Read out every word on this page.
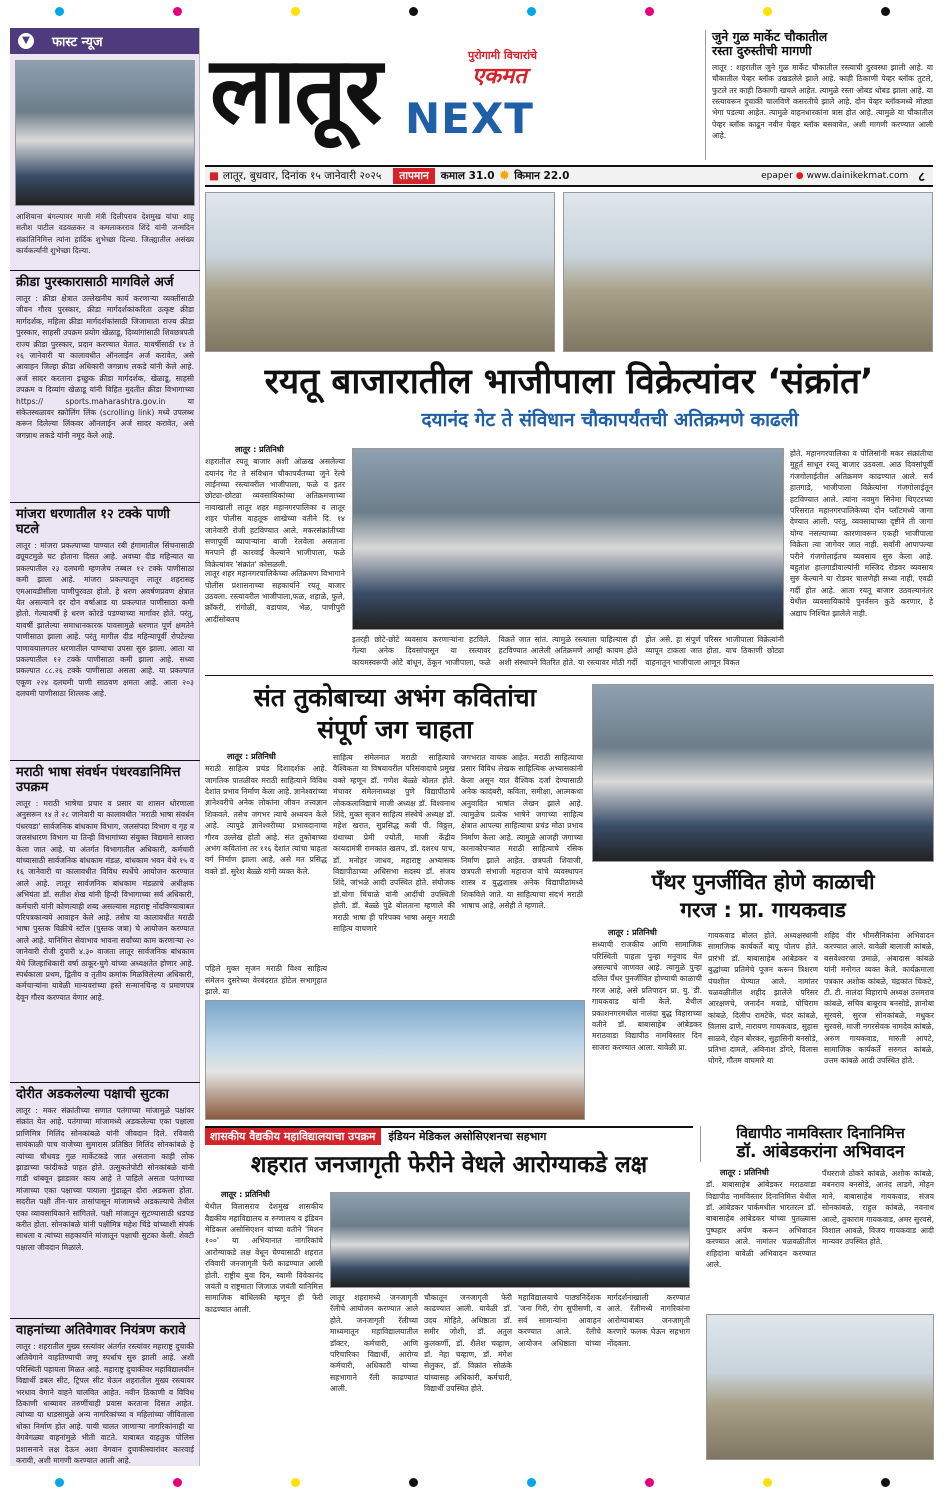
▼	फास्ट न्यूज
आशियाना बंगल्यावर माजी मंत्री दिलीपराव देशमुख यांचा शाहू सतीश पाटील वडवळकर व कमलाकरराव शिंदे यांनी जन्मदिन संक्रांतिनिमित्त त्यांना हार्दिक शुभेच्छा दिल्या. जिल्ह्यातील असंख्य कार्यकर्त्यांनी शुभेच्छा दिल्या.
क्रीडा पुरस्कारासाठी मागविले अर्ज
लातूर : क्रीडा क्षेत्रात उल्लेखनीय कार्य करणाऱ्या व्यक्तींसाठी जीवन गौरव पुरस्कार, क्रीडा मार्गदर्शकांकरिता उत्कृष्ट क्रीडा मार्गदर्शक, महिला क्रीडा मार्गदर्शकांसाठी जिजामाता राज्य क्रीडा पुरस्कार, साहसी उपक्रम प्रयोग खेळाडू, दिव्यांगांसाठी शिवछत्रपती राज्य क्रीडा पुरस्कार, प्रदान करण्यात येतात. यावर्षीसाठी १४ ते २६ जानेवारी या कालावधीत ऑनलाईन अर्ज करावेत, असे आवाहन जिल्हा क्रीडा अधिकारी जगन्नाथ लकडे यांनी केले आहे. अर्ज सादर करताना इच्छुक क्रीडा मार्गदर्शक, खेळाडू, साहसी उपक्रम व दिव्यांग खेळाडू यांनी विहित मुदतीत क्रीडा विभागाच्या https:// sports.maharashtra.gov.in या संकेतस्थळावर स्क्रोलिंग लिंक (scrolling link) मध्ये उपलब्ध करून दिलेल्या लिंकवर ऑनलाईन अर्ज सादर करावेत, असे जगन्नाथ लकडे यांनी नमूद केले आहे.
मांजरा धरणातील १२ टक्के पाणी घटले
लातूर : मांजरा प्रकल्पाच्या पाण्यात रबी हंगामातील सिंचनासाठी ढ्यूयटमुळे घट होताना दिसत आहे. अवघ्या दीड महिन्यात या प्रकल्पातील २३ दलघमी म्हणजेच तब्बल १२ टक्के पाणीसाठा कमी झाला आहे. मांजरा प्रकल्पातून लातूर शहरासह एमआयडीसीला पाणीपुरवठा होतो. हे धरण अवर्षणप्रवण क्षेत्रात येत असल्याने दर दोन वर्षाआड या प्रकल्पात पाणीसाठा कमी होतो. गेल्यावर्षी हे धरण कोरडे पडण्याच्या मार्गावर होते. परंतु, यावर्षी झालेल्या समाधानकारक पावसामुळे धरणात पूर्ण क्षमतेने पाणीसाठा झाला आहे. परंतु मागील दीड महिन्यापूर्वी रोपटेल्या पाणावयालगतर धरणातील पाण्याचा उपसा सुरु झाला. आता या प्रकल्पातील १२ टक्के पाणीसाठा कमी झाला आहे. सध्या प्रकल्पात ८८.२६ टक्के पाणीसाठा असला आहे. या प्रकल्पात एकूण २२४ दलघमी पाणी साठवण क्षमता आहे. आता २०३ दलघमी पाणीसाठा शिल्लक आहे.
मराठी भाषा संवर्धन पंधरवडानिमित्त उपक्रम
लातूर : मराठी भाषेचा प्रचार व प्रसार या शासन धोरणाला अनुसरून १४ ते २८ जानेवारी या कालावधीत 'मराठी भाषा संवर्धन पंधरवडा' सार्वजनिक बांधकाम विभाग, जलसंपदा विभाग व गृह व जलसंधारण विभाग या तिन्ही विभागांच्या संयुक्त विद्यमाने साजरा केला जात आहे. या अंतर्गत विभागातील अधिकारी, कर्मचारी यांच्यासाठी सार्वजनिक बांधकाम मंडळ, बांधकाम भवन येथे १५ व १६ जानेवारी या कालावधीत विविध स्पर्धेचे आयोजन करण्यात आले आहे. लातूर सार्वजनिक बांधकाम मंडळाचे अधीक्षक अभियंता डॉ. सतीश शेख यांनी हिन्दी विभागाच्या सर्व अधिकारी, कर्मचारी यांनी कोणत्याही शब्द असल्यास महाराष्ट्र नोंदविण्याबाबत परिपत्रकान्वये आवाहन केले आहे. तसेच या कालावधीत मराठी भाषा पुस्तक विक्रीचे स्टॉल (पुस्तक जत्रा) चे आयोजन करण्यात आले आहे. यानिमित्त सेवाभाव भावना सर्वांच्या काम करणाऱ्या २० जानेवारी रोजी दुपारी ४.३० वाजता लातूर सार्वजनिक बांधकाम येथे जिल्हाधिकारी वर्षा ठाकूर-घुगे यांच्या अध्यक्षतेत होणार आहे. स्पर्धकाला प्रथम, द्वितीय व तृतीय क्रमांक मिळविलेल्या अधिकारी, कर्मचाऱ्यांना यावेळी मान्यवरांच्या हस्ते सन्मानचिन्ह व प्रमाणपत्र देवून गौरव करण्यात येणार आहे.
दोरीत अडकलेल्या पक्षाची सुटका
लातूर : मकर संक्रांतीच्या सणात पतंगाच्या मांजामुळे पक्षांवर संक्रांत येत आहे. पतंगाच्या मांजामध्ये अडकलेल्या एका पक्षाला प्राणिमित्र मिलिंद सोनकांबळे यांनी जीवदान दिले. रविवारी सायंकाळी पाच वाजेच्या सुमारास प्रतिष्ठित मिलिंद सोनकांबळे हे त्यांच्या चौधवड गुळ मार्केटकडे जात असताना काही लोक झाडाच्या फांदीकडे पाहत होते. उत्सुकतेपोटी सोनकांबळे यांनी गाडी थांबवून झाडावर काय आहे ते पाहिले असता पतंगाच्या मांजाच्या एका पक्षाच्या पायाला गुंडाळून दोरा अडकला होता. सदरील पक्षी तीन-चार तासांपासून मांजामध्ये अडकल्याचे तेथील एका व्यावसायिकाने सांगितले. पक्षी मांजातून सुटण्यासाठी धडपड करीत होता. सोनकांबळे यांनी पक्षीमित्र महेश चिंडे यांच्याशी संपर्क साधला व त्यांच्या सहकार्याने मांजातून पक्षाची सुटका केली. शेवटी पक्षाला जीवदान मिळाले.
वाहनांच्या अतिवेगावर नियंत्रण करावे
लातूर : शहरातील मुख्य रस्त्यांवर अंतर्गत रस्त्यांवर महाराष्ट्र दुचाकी अतिवेगाने वाहतिण्याची जणू स्पर्धाच सुरु झाली आहे. अशी परिस्थिती पहायला मिळत आहे. महाराष्ट्र दुचाकीवर महाविद्यालयीन विद्यार्थी डबल सीट, ट्रिपल सीट घेऊन शहरातील मुख्य रस्त्यावर भरधाव वेगाने वाहने चालवित आहेत. नवीन ठिकाणी व विविध ठिकाणी धाब्यावर तरुणींचाही प्रवास करताना दिसत आहेत. त्यांच्या या धाडसामुळे अन्य नागरिकांच्या व महिलांच्या जीविताला धोका निर्माण होत आहे. पायी चालत जाणाऱ्या नागरिकांनाही या वेगवेगळ्या वाहनांमुळे भीती वाटते. याबाबत वाहतुक पोलिस प्रशासनाने लक्ष देऊन अशा वेगवान दुचाकीस्वारांवर कारवाई करावी, अशी मागणी करण्यात आली आहे.
लातूर	पुरोगामी विचारांचे
एकमत
NEXT
जुने गुळ मार्केट चौकातील
रस्ता दुरुस्तीची मागणी
लातूर : शहरातील जुने गुळ मार्केट चौकातील रस्त्याची दुरवस्था झाली आहे. या चौकातील पेव्हर ब्लॉक उखडलेले झाले आहे. काही ठिकाणी पेव्हर ब्लॉक तुटले, फुटले तर काही ठिकाणी खचले आहेत. त्यामुळे रस्ता ओबड धोबड झाला आहे. या रस्त्यावरून दुचाकी चालविणे कसरतीचे झाले आहे. दोन पेव्हर ब्लॉकमध्ये मोठ्या भेगा पडल्या आहेत. त्यामुळे वाहनधारकांना त्रास होत आहे. त्यामुळे या चौकातील पेव्हर ब्लॉक काढून नवीन पेव्हर ब्लॉक बसवावेत, अशी मागणी करण्यात आली आहे.
■ लातूर, बुधवार, दिनांक १५ जानेवारी २०२५	तापमान	कमाल 31.0 ✹ किमान 22.0	epaper ● www.dainikekmat.com ८
रयतू बाजारातील भाजीपाला विक्रेत्यांवर ‘संक्रांत’
दयानंद गेट ते संविधान चौकापर्यंतची अतिक्रमणे काढली
लातूर : प्रतिनिधी
शहरातील रयतू बाजार अशी ओळख असलेल्या दयानंद गेट ते संविधान चौकापर्यंतच्या जुने रेल्वे लाईनच्या रस्त्यावरील भाजीपाला, फळे व इतर छोट्या-छोट्या व्यवसायिकांच्या अतिक्रमणाच्या नावाखाली लातूर शहर महानगरपालिका व लातूर शहर पोलीस वाहतूक शाखेच्या वतीने दि. १४ जानेवारी रोजी हटविण्यात आले. मकरसंक्रांतीच्या सणापूर्वी व्यापाऱ्यांना बाजी रेलवेला असताना मनपाने ही कारवाई केल्याने भाजीपाला, फळे विक्रेत्यांवर 'संक्रांत' कोसळली.
लातूर शहर महानगरपालिकेच्या अतिक्रमण विभागाने पोलीस प्रशासनाच्या सहकार्याने रयतू बाजार उठवला. रस्त्यावरील भाजीपाला,फळ, शहाळे, फुले, क्रॉकरी, रांगोळी, वडापाव, भेळ, पाणीपुरी आदींसोबतच
इतरही छोटे-छोटे व्यवसाय करणाऱ्यांना हटविले. गेल्या अनेक दिवसांपासून या रस्त्यावर कायमस्वरूपी ओटे बांधून, ठेंकून भाजीपाला, फळे विक्रते जात सांत. त्यामुळे रस्त्याला पाहिल्यास ही हटविण्यात आलेली अतिक्रमणे आम्ही कायम होते अशी संस्थापने वितरित होते. या रस्त्यावर मोठी गर्दी होत असे. हा संपूर्ण परिसर भाजीपाला विक्रेत्यांनी व्यापून टाकला जात होता. याच ठिकाणी छोट्या वाहनातून भाजीपाला आणून विकत
होते. महानगरपालिका व पोलिसांनी मकर संक्रांतीचा मुहूर्त साधून रयतू बाजार उठवला. आठ दिवसांपूर्वी गंजगोलाईतील अतिक्रमण काढण्यात आले. सर्व हातगाडे, भाजीपाला विक्रेत्यांना गंजगोलाईतून हटविण्यात आले. त्यांना नवमुग सिनेमा थिएटरच्या परिसरात महानगरपालिकेच्या दोन प्लॉटमध्ये जागा देण्यात आली. परंतु, व्यवसायाच्या दृष्टीने ती जागा योग्य नसल्याच्या कारणावरून एकही भाजीपाला विक्रेता त्या जागेवर जात नाही. सर्वांनी आपापल्या परीने गंजगोलाईतच व्यवसाय सुरु केला आहे. बहुतांश हातगाडीवाल्यांनी मस्जिद रोडवर व्यवसाय सुरु केल्याने या रोडवर चालणेही सध्या नाही, एवढी गर्दी होत आहे. आता रयतू बाजार उठवल्यानंतर येथील व्यवसायिकांचे पुनर्वसन कुठे करणार, हे अद्याप निश्चित झालेले नाही.
संत तुकोबाच्या अभंग कवितांचा
संपूर्ण जग चाहता
लातूर : प्रतिनिधी
मराठी साहित्य प्रचंड दिशादर्शक आहे. जागतिक पातळीवर मराठी साहित्याने विविध देशांत प्रभाव निर्माण केला आहे. ज्ञानेश्वरांच्या ज्ञानेश्वरीचे अनेक लोकांना जीवन तत्त्वज्ञान शिकवले. तसेच जगभर त्याचे अध्ययन केले आहे. त्यापुढे ज्ञानेश्वरीच्या प्रभावदानाचा गौरव उल्लेख होतो आहे. संत तुकोबाच्या अभंग कवितांना तर ११६ देशांत त्यांचा चाहता वर्ग निर्माण झाला आहे, असे मत प्रसिद्ध वक्ते डॉ. सुरेश बेळ्ळे यांनी व्यक्त केले.
पहिले मुक्त सृजन मराठी विश्व साहित्य संमेलन दुसरेच्या वेरबंदरात होटेल सभागृहात झाले. या
साहित्य संमेलनात मराठी साहित्याचे वैश्विकता या विषयावरील परिसंवादाचे प्रमुख वक्ते म्हणून डॉ. गणेश बेळ्ळे बोलत होते. मंचावर संमेलनाध्यक्ष पुणे विद्यापीठाचे लोककलाविद्याचे माजी अध्यक्ष डॉ. विश्वनाथ शिंदे, मुक्त सृजन साहित्य संस्थेचे अध्यक्ष डॉ. महेश खरात, सुप्रसिद्ध कवी पी. विठ्ठल, ग्रंथाच्या प्रेमी ज्योती, माजी केंद्रीय कायदामंत्री रामकांत खलप, डॉ. दशरथ पाच, डॉ. मनोहर जाधव, महाराष्ट्र अभ्यासक विद्यापीठाच्या अधिसभा सदस्य डॉ. संजय शिंदे, जांभळे आदी उपस्थित होते. संयोजक डॉ.योगा चिंचाळे यांनी आदींची उपस्थिती होती. डॉ. बेळ्ळे पुढे बोलताना म्हणाले की मराठी भाषा ही परिपक्व भाषा असून मराठी साहित्य वाचणारे
जगभरात वाचक आहेत. मराठी साहित्याचा प्रसार विविध लेखक साहित्यिक अभ्यासकांनी केला असून यात वैश्विक दर्जा देण्यासाठी अनेक कादंबरी, कविता, समीक्षा, आत्मकथा अनुवादित भाषांत लेखन झाले आहे. त्यामुळेच प्रत्येक भाषेने जगाच्या साहित्य क्षेत्रात आपल्या साहित्याचा प्रचंड मोठा प्रभाव निर्माण केला आहे. त्यामुळे आजही जगाच्या कानाकोपऱ्यात मराठी साहित्याचे रसिक निर्माण झाले आहेत. छत्रपती शिवाजी, छत्रपती संभाजी महाराज यांचे व्यवस्थापन शास्त्र व युद्धशास्त्र अनेक विद्यापीठांमध्ये शिकविले जाते. या साहित्याचा संदर्भ मराठी भाषाच आहे, असेही ते म्हणाले.
पँथर पुनर्जीवित होणे काळाची
गरज : प्रा. गायकवाड
लातूर : प्रतिनिधी
सध्याची राजकीय आणि सामाजिक परिस्थिती पाहता पुन्हा मनुवाद येत असल्याचे जाणवत आहे. त्यामुळे पुन्हा दलित पँथर पुनर्जीवित होण्याची काळाची गरज आहे, असे प्रतिपादन प्रा. यु. डी. गायकवाड यांनी केले. येथील प्रकाशनगरमधील नालंदा बुद्ध विहाराच्या वतीने डॉ. बाबासाहेब आंबेडकर मराठवाडा विद्यापीठ नामविस्तार दिन साजरा करण्यात आला. यावेळी प्रा.
गायकवाड बोलत होते. अध्यक्षस्थानी सामाजिक कार्यकर्ते बापू पोलप होते. प्रारंभी डॉ. बाबासाहेब आंबेडकर व बुद्धांच्या प्रतिमेचे पूजन करून त्रिशरण पंचशील घेण्यात आले. नामांतर चळवळीतील शहीद झालेले परिसर आरक्षणचे, जनार्दन मवाडे, पोचिराम कांबळे, दिलीप रामटेके, चंदर कांबळे, विलास ढाणे, नारायण गायकवाड, सुहास साळवे, रोहन बोरकर, सुहासिनी बनसोडे, प्रतिभा दामले, अविनाश डोंगरे, विलास घोगरे, गौतम वाघमारे या
शहिद वीर भीमसैनिकांना अभिवादन करण्यात आले. यावेळी बालाजी कांबळे, बसवेश्वरचा उमाळे, अंबादास कांबळे यांनी मनोगत व्यक्त केले. कार्यक्रमाला पत्रकार अशोक कांबळे, चंद्रकांत चिकटे, टी. टी. नालंदा विहाराचे अध्यक्ष उत्तमराव कांबळे, सचिव बाबूराव बनसोडे, ज्ञानोबा सूरवसे, सुरज सोनकांबळे, मधुकर सुरवसे, माजी नगरसेवक नामदेव कांबळे, अरुण गायकवाड, मारुती आपटे, सामाजिक कार्यकर्ते सरुगत कांबळे, उत्तम कांबळे आदी उपस्थित होते.
शासकीय वैद्यकीय महाविद्यालयाचा उपक्रम	इंडियन मेडिकल असोसिएशनचा सहभाग
शहरात जनजागृती फेरीने वेधले आरोग्याकडे लक्ष
लातूर : प्रतिनिधी
येथील विलासराव देशमुख शासकीय वैद्यकीय महाविद्यालय व रुग्णालय व इंडियन मेडिकल असोसिएशन यांच्या वतीने 'मिशन १००' या अभियानात नागरिकांचे आरोग्याकडे लक्ष वेधून घेण्यासाठी शहरात रविवारी जनजागृती फेरी काढण्यात आली होती. राष्ट्रीय युवा दिन, स्वामी विवेकानंद जयंती व राष्ट्रमाता जिजाऊ जयंती यानिमित्त सामाजिक बांधिलकी म्हणून ही फेरी काढण्यात आली.
लातूर शहरामध्ये जनजागृती रॅलीचे आयोजन करण्यात आले होते. जनजागृती रॅलीच्या माध्यमातून महाविद्यालयातील डॉक्टर, कर्मचारी, आणि परिचारिका विद्यार्थी, आरोग्य कर्मचारी, अधिकारी यांच्या सहभागाने रॅली काढण्यात आली.
चौकातून जनजागृती फेरी काढण्यात आली. यावेळी डॉ. उदय मोहिते, अधिष्ठाता डॉ. समीर जोशी, डॉ. अतुल कुलकर्णी, डॉ. शैलेश चव्हाण, डॉ. नेहा चव्हाण, डॉ. मंगेश सेलुकर, डॉ. विक्रांत सोळंके यांच्यासह अधिकारी, कर्मचारी, विद्यार्थी उपस्थित होते.
महाविद्यालयाचे पाठ्यनिर्देशक 'जना गिरी, रोग सुपीसणी, व सर्व सामान्यांना आवाहन करण्यात आले. रॅलीचे आयोजन अधिष्ठाता यांच्या मार्गदर्शनाखाली करण्यात आले. रॅलीमध्ये नागरिकांना आरोग्याबाबत जनजागृती करणारे फलक घेऊन सहभाग नोंदवला.
विद्यापीठ नामविस्तार दिनानिमित्त
डॉ. आंबेडकरांना अभिवादन
लातूर : प्रतिनिधी
डॉ. बाबासाहेब आंबेडकर मराठवाडा विद्यापीठ नामविस्तार दिनानिमित्त येथील डॉ. आंबेडकर पार्कमधील भारतरत्न डॉ. बाबासाहेब आंबेडकर यांच्या पुतळ्यास पुष्पहार अर्पण करून अभिवादन करण्यात आले. नामांतर चळवळीतील शहिदांना यावेळी अभिवादन करण्यात आले.
पँथरराजे ठोकरे कांबळे, अशोक कांबळे, बबनराव बनसोडे, आनंद लाडगे, मोहन माने, बाबासाहेब गायकवाड, संजय सोनकांबळे, राहुल कांबळे, नवनाथ आल्टे, तुकाराम गायकवाड, अमर सुरवसे, विशाल आवळे, विजय गायकवाड आदी मान्यवर उपस्थित होते.
